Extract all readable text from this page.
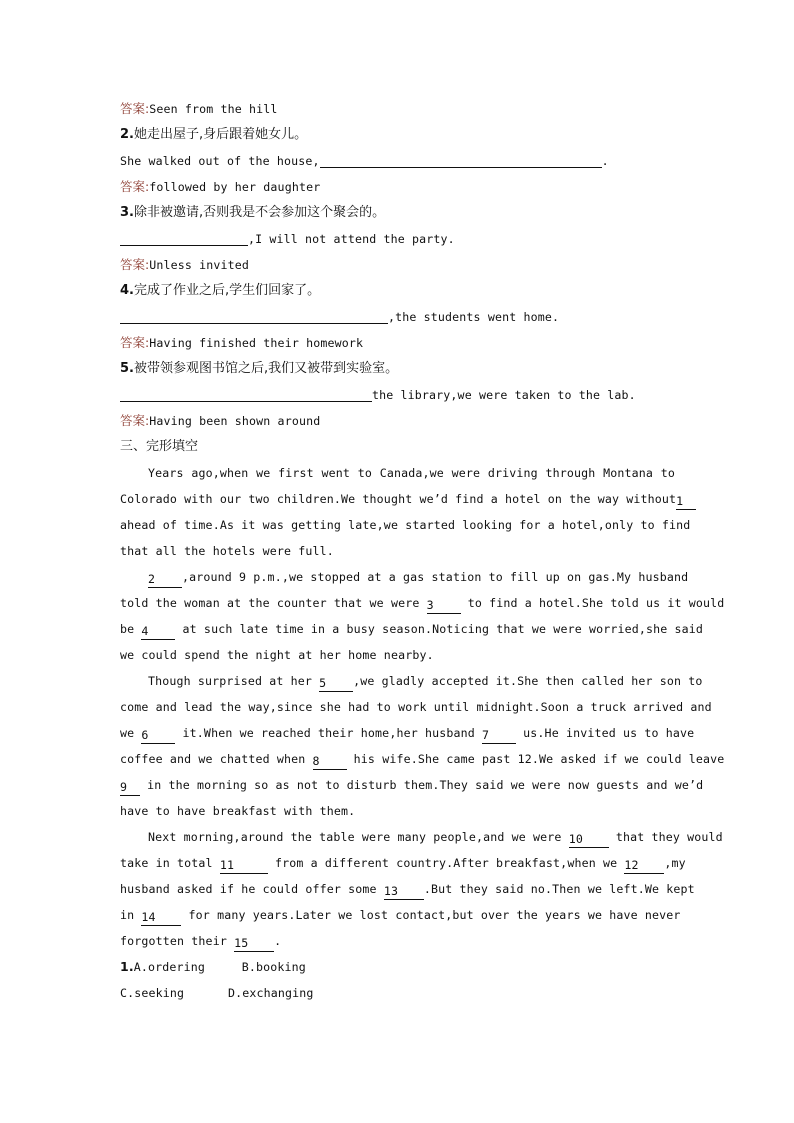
答案:Seen from the hill
2.她走出屋子,身后跟着她女儿。
She walked out of the house,	.
答案:followed by her daughter
3.除非被邀请,否则我是不会参加这个聚会的。
,I will not attend the party.
答案:Unless invited
4.完成了作业之后,学生们回家了。
,the students went home.
答案:Having finished their homework
5.被带领参观图书馆之后,我们又被带到实验室。
the library,we were taken to the lab.
答案:Having been shown around
三、完形填空
Years ago,when we first went to Canada,we were driving through Montana to
Colorado with our two children.We thought we’d find a hotel on the way without1
ahead of time.As it was getting late,we started looking for a hotel,only to find
that all the hotels were full.
2 ,around 9 p.m.,we stopped at a gas station to fill up on gas.My husband
told the woman at the counter that we were 3	to find a hotel.She told us it would
be 4	at such late time in a busy season.Noticing that we were worried,she said
we could spend the night at her home nearby.
Though surprised at her 5 ,we gladly accepted it.She then called her son to
come and lead the way,since she had to work until midnight.Soon a truck arrived and
we 6	it.When we reached their home,her husband 7	us.He invited us to have
coffee and we chatted when 8	his wife.She came past 12.We asked if we could leave
9 in the morning so as not to disturb them.They said we were now guests and we’d
have to have breakfast with them.
Next morning,around the table were many people,and we were 10	that they would
take in total 11	from a different country.After breakfast,when we 12 ,my
husband asked if he could offer some 13 .But they said no.Then we left.We kept
in 14	for many years.Later we lost contact,but over the years we have never
forgotten their 15 .
1.A.ordering	B.booking
C.seeking	D.exchanging
